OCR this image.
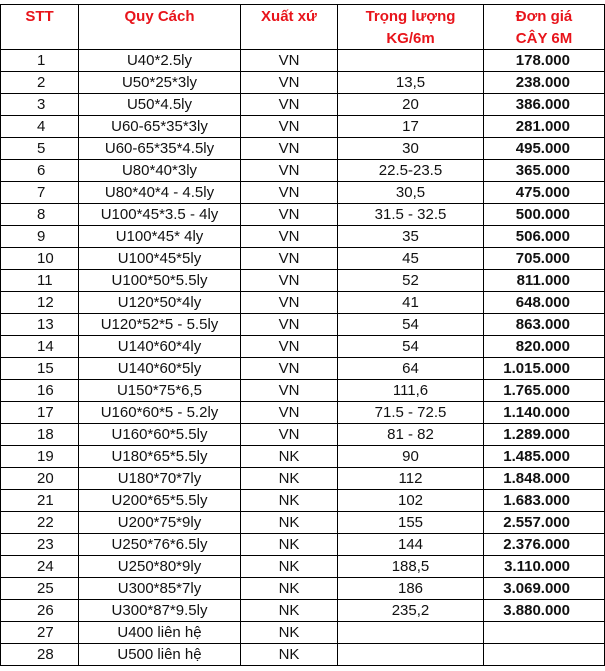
STT	Quy Cách	Xuất xứ	Trọng lượng	Đơn giá
			KG/6m	CÂY 6M
1	U40*2.5ly	VN		178.000
2	U50*25*3ly	VN	13,5	238.000
3	U50*4.5ly	VN	20	386.000
4	U60-65*35*3ly	VN	17	281.000
5	U60-65*35*4.5ly	VN	30	495.000
6	U80*40*3ly	VN	22.5-23.5	365.000
7	U80*40*4 - 4.5ly	VN	30,5	475.000
8	U100*45*3.5 - 4ly	VN	31.5 - 32.5	500.000
9	U100*45* 4ly	VN	35	506.000
10	U100*45*5ly	VN	45	705.000
11	U100*50*5.5ly	VN	52	811.000
12	U120*50*4ly	VN	41	648.000
13	U120*52*5 - 5.5ly	VN	54	863.000
14	U140*60*4ly	VN	54	820.000
15	U140*60*5ly	VN	64	1.015.000
16	U150*75*6,5	VN	111,6	1.765.000
17	U160*60*5 - 5.2ly	VN	71.5 - 72.5	1.140.000
18	U160*60*5.5ly	VN	81 - 82	1.289.000
19	U180*65*5.5ly	NK	90	1.485.000
20	U180*70*7ly	NK	112	1.848.000
21	U200*65*5.5ly	NK	102	1.683.000
22	U200*75*9ly	NK	155	2.557.000
23	U250*76*6.5ly	NK	144	2.376.000
24	U250*80*9ly	NK	188,5	3.110.000
25	U300*85*7ly	NK	186	3.069.000
26	U300*87*9.5ly	NK	235,2	3.880.000
27	U400 liên hệ	NK		
28	U500 liên hệ	NK		
